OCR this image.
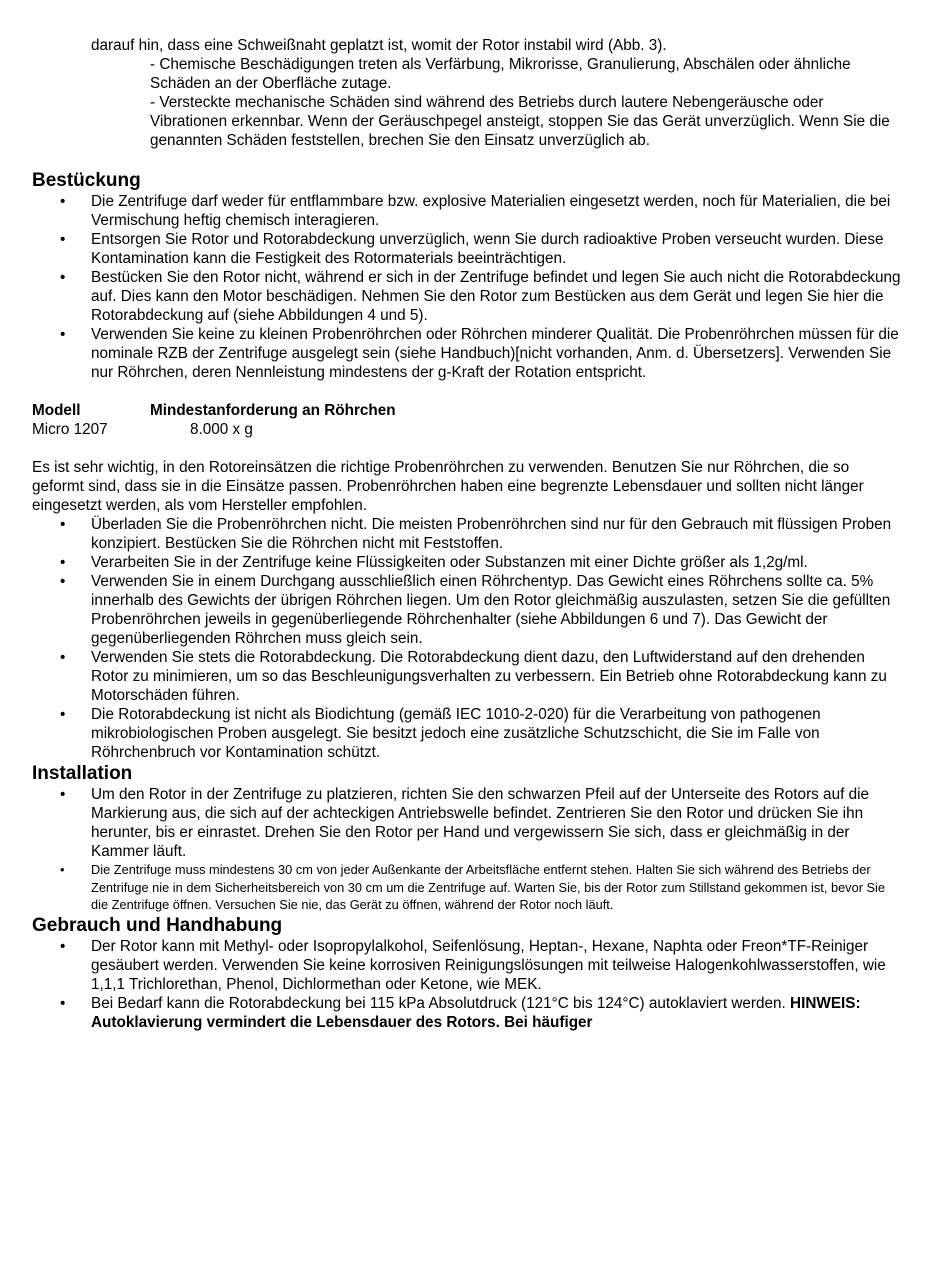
darauf hin, dass eine Schweißnaht geplatzt ist, womit der Rotor instabil wird (Abb. 3).

- Chemische Beschädigungen treten als Verfärbung, Mikrorisse, Granulierung, Abschälen oder ähnliche Schäden an der Oberfläche zutage.

- Versteckte mechanische Schäden sind während des Betriebs durch lautere Nebengeräusche oder Vibrationen erkennbar. Wenn der Geräuschpegel ansteigt, stoppen Sie das Gerät unverzüglich. Wenn Sie die genannten Schäden feststellen, brechen Sie den Einsatz unverzüglich ab.

Bestückung
• Die Zentrifuge darf weder für entflammbare bzw. explosive Materialien eingesetzt werden, noch für Materialien, die bei Vermischung heftig chemisch interagieren.
• Entsorgen Sie Rotor und Rotorabdeckung unverzüglich, wenn Sie durch radioaktive Proben verseucht wurden. Diese Kontamination kann die Festigkeit des Rotormaterials beeinträchtigen.
• Bestücken Sie den Rotor nicht, während er sich in der Zentrifuge befindet und legen Sie auch nicht die Rotorabdeckung auf. Dies kann den Motor beschädigen. Nehmen Sie den Rotor zum Bestücken aus dem Gerät und legen Sie hier die Rotorabdeckung auf (siehe Abbildungen 4 und 5).
• Verwenden Sie keine zu kleinen Probenröhrchen oder Röhrchen minderer Qualität. Die Probenröhrchen müssen für die nominale RZB der Zentrifuge ausgelegt sein (siehe Handbuch)[nicht vorhanden, Anm. d. Übersetzers]. Verwenden Sie nur Röhrchen, deren Nennleistung mindestens der g-Kraft der Rotation entspricht.
Modell	Mindestanforderung an Röhrchen
Micro 1207	8.000 x g

Es ist sehr wichtig, in den Rotoreinsätzen die richtige Probenröhrchen zu verwenden. Benutzen Sie nur Röhrchen, die so geformt sind, dass sie in die Einsätze passen. Probenröhrchen haben eine begrenzte Lebensdauer und sollten nicht länger eingesetzt werden, als vom Hersteller empfohlen.

• Überladen Sie die Probenröhrchen nicht. Die meisten Probenröhrchen sind nur für den Gebrauch mit flüssigen Proben konzipiert. Bestücken Sie die Röhrchen nicht mit Feststoffen.
• Verarbeiten Sie in der Zentrifuge keine Flüssigkeiten oder Substanzen mit einer Dichte größer als 1,2g/ml.
• Verwenden Sie in einem Durchgang ausschließlich einen Röhrchentyp. Das Gewicht eines Röhrchens sollte ca. 5% innerhalb des Gewichts der übrigen Röhrchen liegen. Um den Rotor gleichmäßig auszulasten, setzen Sie die gefüllten Probenröhrchen jeweils in gegenüberliegende Röhrchenhalter (siehe Abbildungen 6 und 7). Das Gewicht der gegenüberliegenden Röhrchen muss gleich sein.
• Verwenden Sie stets die Rotorabdeckung. Die Rotorabdeckung dient dazu, den Luftwiderstand auf den drehenden Rotor zu minimieren, um so das Beschleunigungsverhalten zu verbessern. Ein Betrieb ohne Rotorabdeckung kann zu Motorschäden führen.
• Die Rotorabdeckung ist nicht als Biodichtung (gemäß IEC 1010-2-020) für die Verarbeitung von pathogenen mikrobiologischen Proben ausgelegt. Sie besitzt jedoch eine zusätzliche Schutzschicht, die Sie im Falle von Röhrchenbruch vor Kontamination schützt.
Installation
• Um den Rotor in der Zentrifuge zu platzieren, richten Sie den schwarzen Pfeil auf der Unterseite des Rotors auf die Markierung aus, die sich auf der achteckigen Antriebswelle befindet. Zentrieren Sie den Rotor und drücken Sie ihn herunter, bis er einrastet. Drehen Sie den Rotor per Hand und vergewissern Sie sich, dass er gleichmäßig in der Kammer läuft.
• Die Zentrifuge muss mindestens 30 cm von jeder Außenkante der Arbeitsfläche entfernt stehen. Halten Sie sich während des Betriebs der Zentrifuge nie in dem Sicherheitsbereich von 30 cm um die Zentrifuge auf. Warten Sie, bis der Rotor zum Stillstand gekommen ist, bevor Sie die Zentrifuge öffnen. Versuchen Sie nie, das Gerät zu öffnen, während der Rotor noch läuft.
Gebrauch und Handhabung
• Der Rotor kann mit Methyl- oder Isopropylalkohol, Seifenlösung, Heptan-, Hexane, Naphta oder Freon*TF-Reiniger gesäubert werden. Verwenden Sie keine korrosiven Reinigungslösungen mit teilweise Halogenkohlwasserstoffen, wie 1,1,1 Trichlorethan, Phenol, Dichlormethan oder Ketone, wie MEK.
• Bei Bedarf kann die Rotorabdeckung bei 115 kPa Absolutdruck (121°C bis 124°C) autoklaviert werden. HINWEIS: Autoklavierung vermindert die Lebensdauer des Rotors. Bei häufiger
